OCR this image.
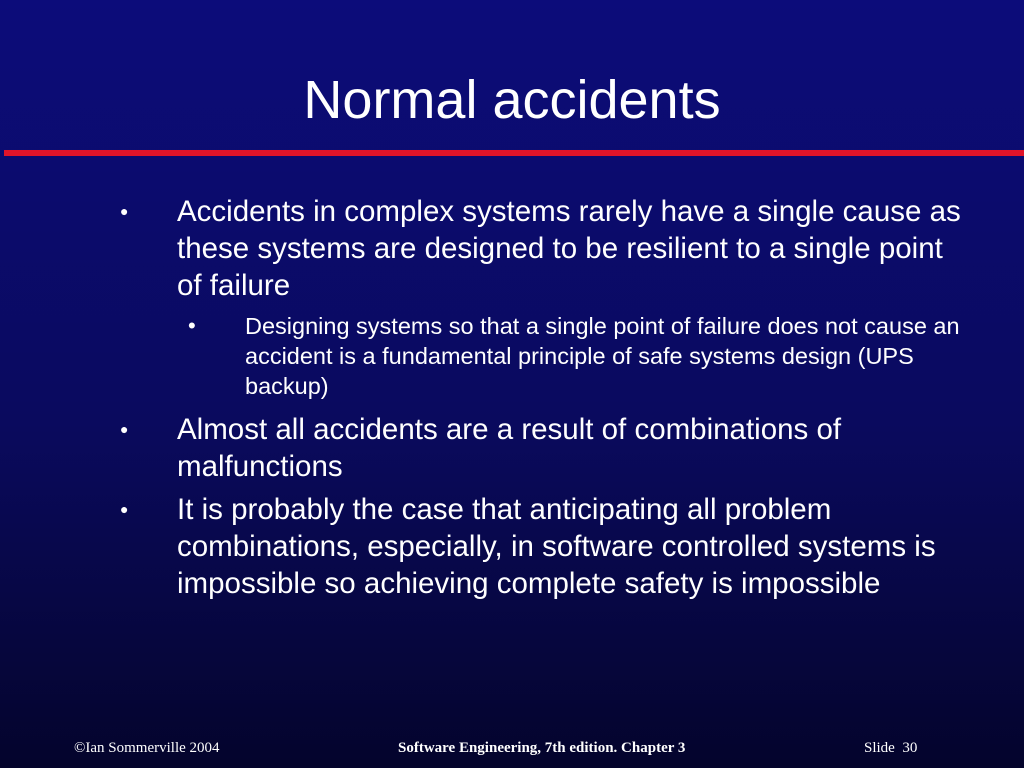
Normal accidents
●	Accidents in complex systems rarely have a single cause as these systems are designed to be resilient to a single point of failure
• Designing systems so that a single point of failure does not cause an accident is a fundamental principle of safe systems design (UPS backup)
●	Almost all accidents are a result of combinations of malfunctions
●	It is probably the case that anticipating all problem combinations, especially, in software controlled systems is impossible so achieving complete safety is impossible
©Ian Sommerville 2004	Software Engineering, 7th edition. Chapter 3	Slide  30
